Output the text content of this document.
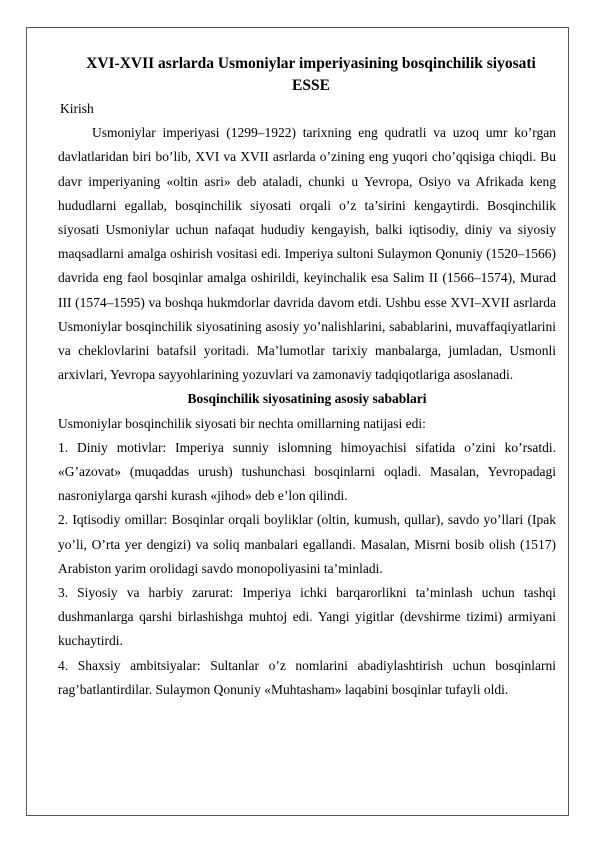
XVI-XVII asrlarda Usmoniylar imperiyasining bosqinchilik siyosati
ESSE

Kirish

Usmoniylar imperiyasi (1299–1922) tarixning eng qudratli va uzoq umr ko’rgan davlatlaridan biri bo’lib, XVI va XVII asrlarda o’zining eng yuqori cho’qqisiga chiqdi. Bu davr imperiyaning «oltin asri» deb ataladi, chunki u Yevropa, Osiyo va Afrikada keng hududlarni egallab, bosqinchilik siyosati orqali o’z ta’sirini kengaytirdi. Bosqinchilik siyosati Usmoniylar uchun nafaqat hududiy kengayish, balki iqtisodiy, diniy va siyosiy maqsadlarni amalga oshirish vositasi edi. Imperiya sultoni Sulaymon Qonuniy (1520–1566) davrida eng faol bosqinlar amalga oshirildi, keyinchalik esa Salim II (1566–1574), Murad III (1574–1595) va boshqa hukmdorlar davrida davom etdi. Ushbu esse XVI–XVII asrlarda Usmoniylar bosqinchilik siyosatining asosiy yo’nalishlarini, sabablarini, muvaffaqiyatlarini va cheklovlarini batafsil yoritadi. Ma’lumotlar tarixiy manbalarga, jumladan, Usmonli arxivlari, Yevropa sayyohlarining yozuvlari va zamonaviy tadqiqotlariga asoslanadi.

Bosqinchilik siyosatining asosiy sabablari

Usmoniylar bosqinchilik siyosati bir nechta omillarning natijasi edi:

1. Diniy motivlar: Imperiya sunniy islomning himoyachisi sifatida o’zini ko’rsatdi. «G’azovat» (muqaddas urush) tushunchasi bosqinlarni oqladi. Masalan, Yevropadagi nasroniylarga qarshi kurash «jihod» deb e’lon qilindi.

2. Iqtisodiy omillar: Bosqinlar orqali boyliklar (oltin, kumush, qullar), savdo yo’llari (Ipak yo’li, O’rta yer dengizi) va soliq manbalari egallandi. Masalan, Misrni bosib olish (1517) Arabiston yarim orolidagi savdo monopoliyasini ta’minladi.

3. Siyosiy va harbiy zarurat: Imperiya ichki barqarorlikni ta’minlash uchun tashqi dushmanlarga qarshi birlashishga muhtoj edi. Yangi yigitlar (devshirme tizimi) armiyani kuchaytirdi.

4. Shaxsiy ambitsiyalar: Sultanlar o’z nomlarini abadiylashtirish uchun bosqinlarni rag’batlantirdilar. Sulaymon Qonuniy «Muhtasham» laqabini bosqinlar tufayli oldi.
